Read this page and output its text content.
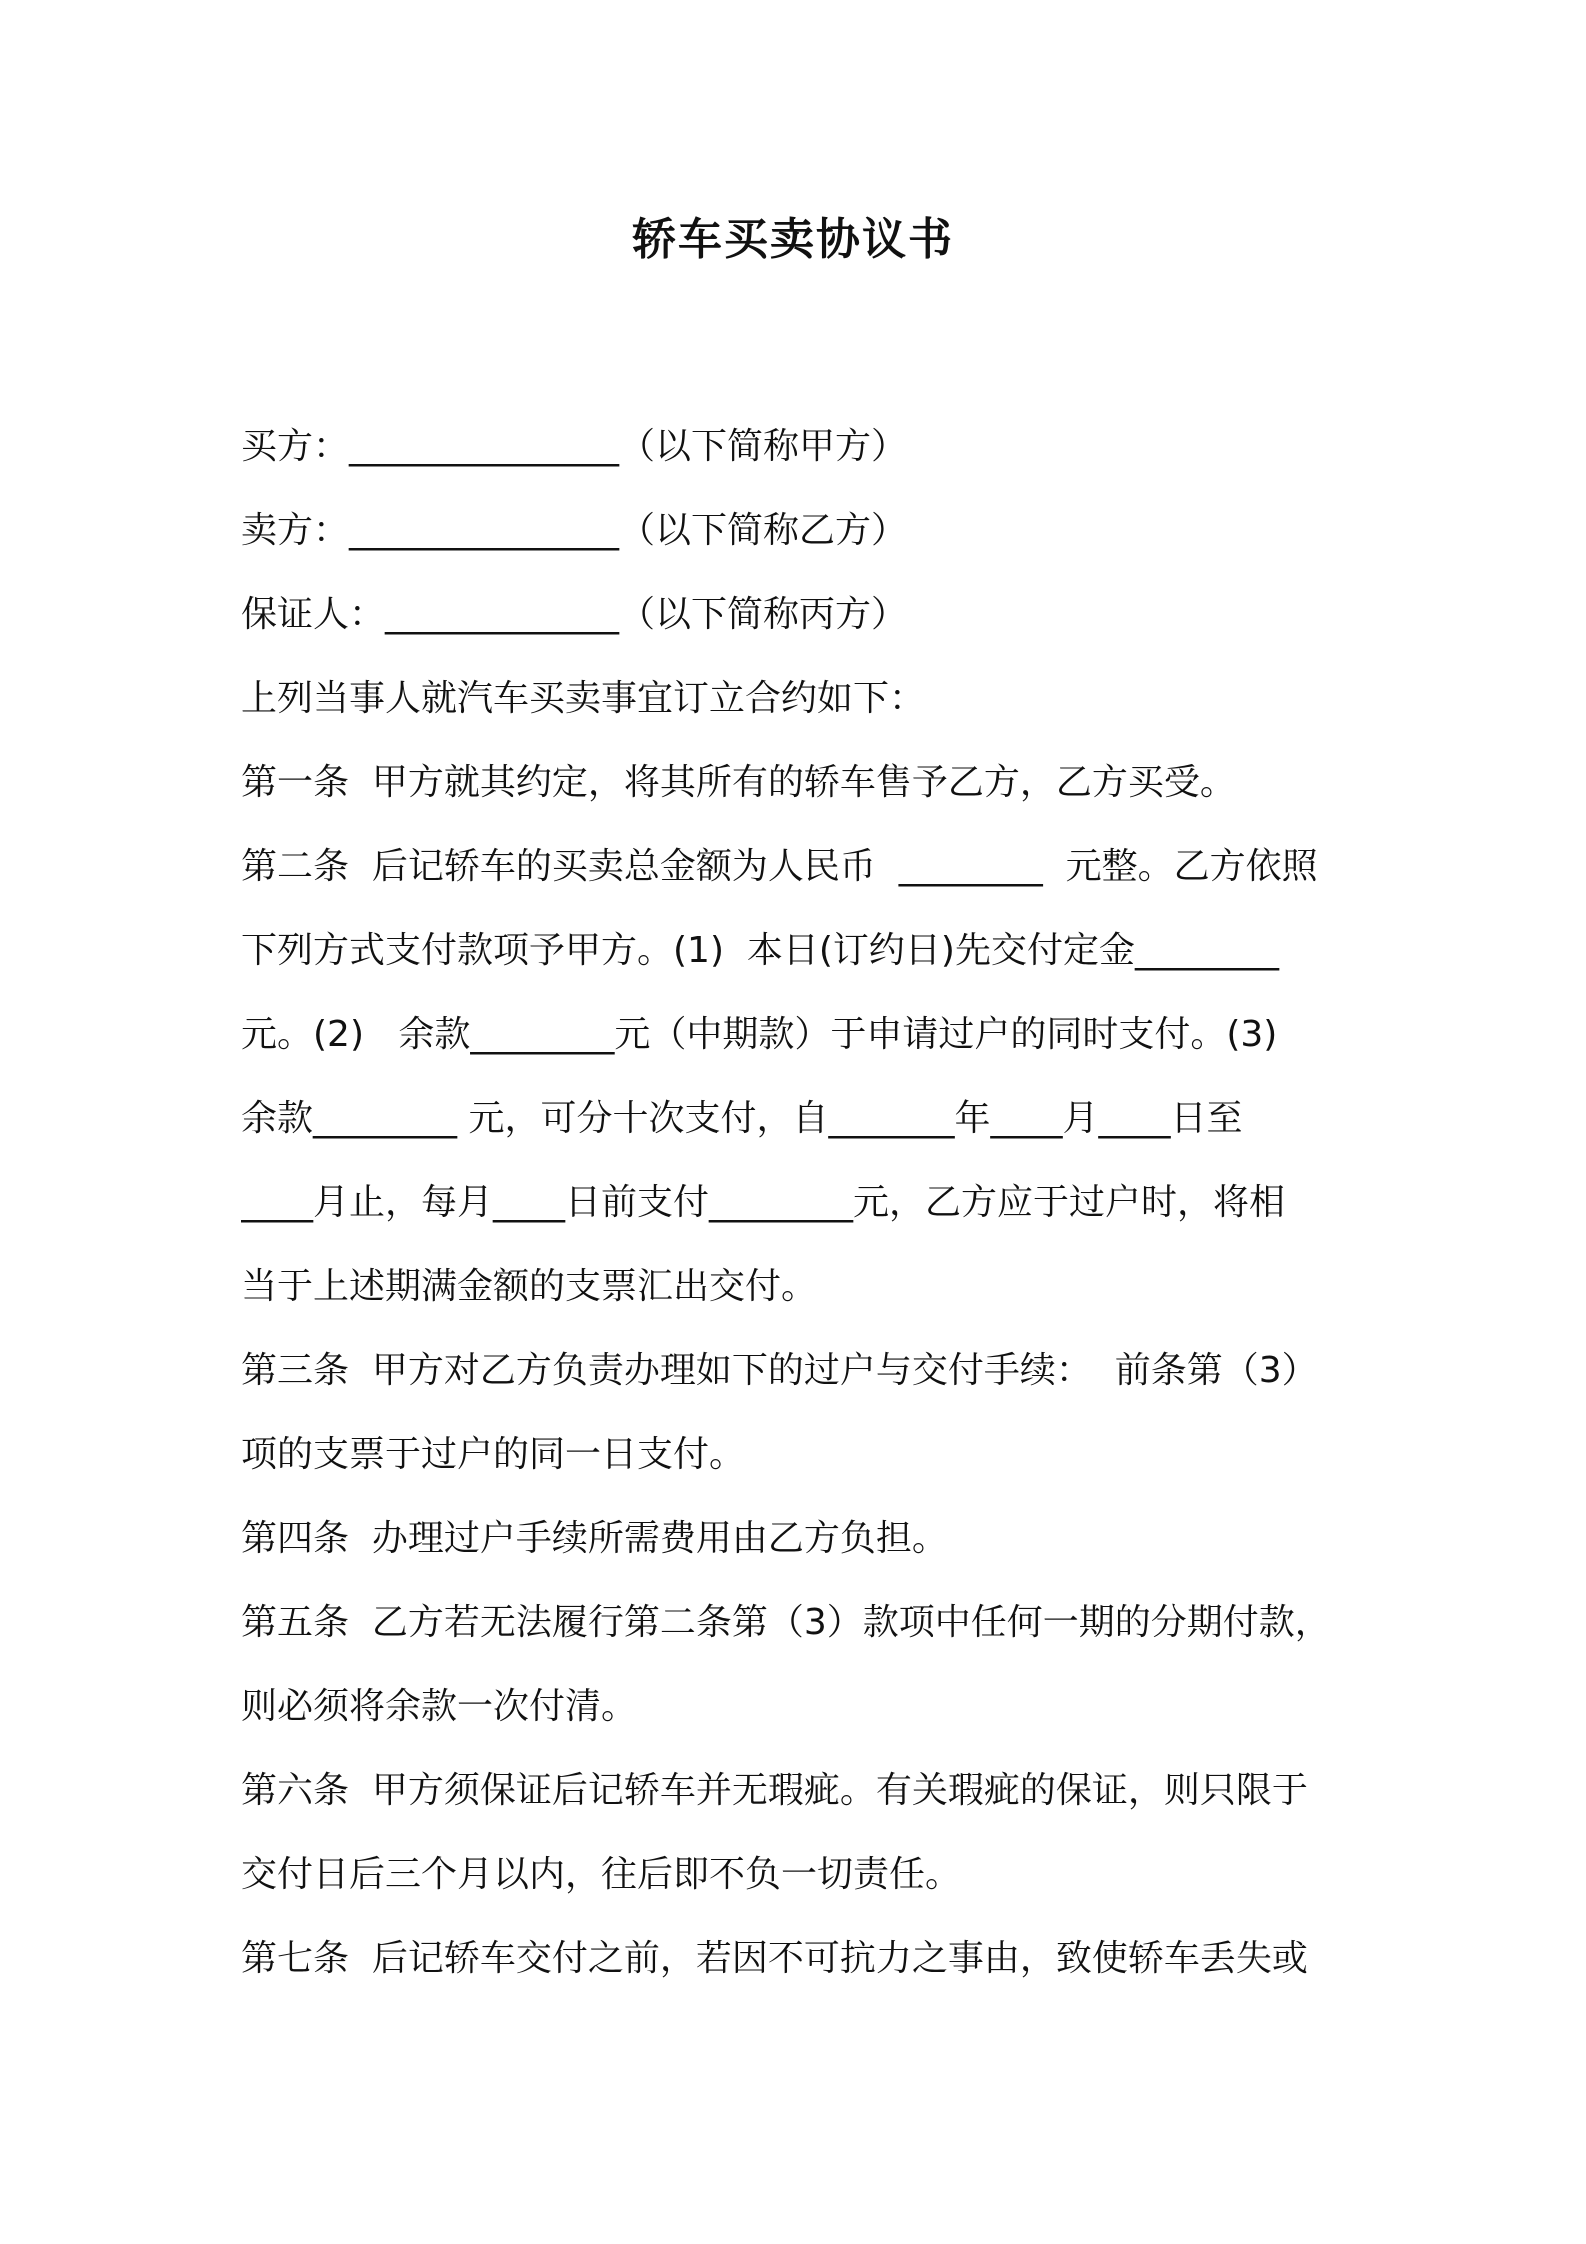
轿车买卖协议书
买方：_______________（以下简称甲方）
卖方：_______________（以下简称乙方）
保证人：_____________（以下简称丙方）
上列当事人就汽车买卖事宜订立合约如下：
第一条  甲方就其约定，将其所有的轿车售予乙方，乙方买受。
第二条  后记轿车的买卖总金额为人民币  ________  元整。乙方依照
下列方式支付款项予甲方。(1)  本日(订约日)先交付定金________
元。(2)   余款________元（中期款）于申请过户的同时支付。(3)
余款________ 元，可分十次支付，自_______年____月____日至
____月止，每月____日前支付________元，乙方应于过户时，将相
当于上述期满金额的支票汇出交付。
第三条  甲方对乙方负责办理如下的过户与交付手续：  前条第（3）
项的支票于过户的同一日支付。
第四条  办理过户手续所需费用由乙方负担。
第五条  乙方若无法履行第二条第（3）款项中任何一期的分期付款，
则必须将余款一次付清。
第六条  甲方须保证后记轿车并无瑕疵。有关瑕疵的保证，则只限于
交付日后三个月以内，往后即不负一切责任。
第七条  后记轿车交付之前，若因不可抗力之事由，致使轿车丢失或
